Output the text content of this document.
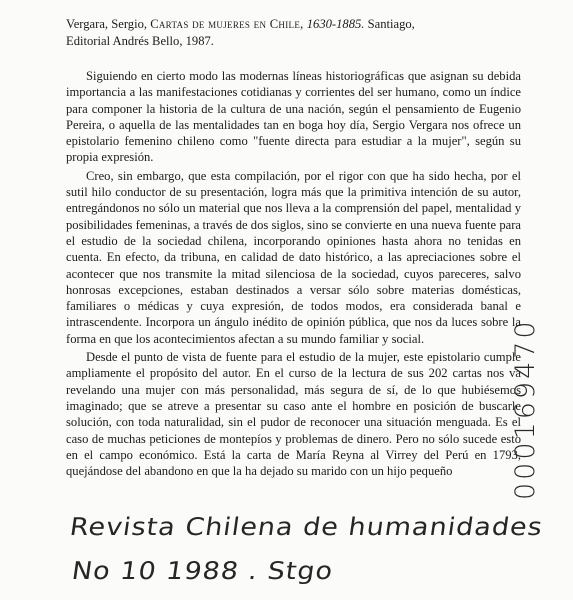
Vergara, Sergio, Cartas de mujeres en Chile, 1630-1885. Santiago,
Editorial Andrés Bello, 1987.

Siguiendo en cierto modo las modernas líneas historiográficas que asignan su debida importancia a las manifestaciones cotidianas y corrientes del ser humano, como un índice para componer la historia de la cultura de una nación, según el pensamiento de Eugenio Pereira, o aquella de las mentalidades tan en boga hoy día, Sergio Vergara nos ofrece un epistolario femenino chileno como "fuente directa para estudiar a la mujer", según su propia expresión.

Creo, sin embargo, que esta compilación, por el rigor con que ha sido hecha, por el sutil hilo conductor de su presentación, logra más que la primitiva intención de su autor, entregándonos no sólo un material que nos lleva a la comprensión del papel, mentalidad y posibilidades femeninas, a través de dos siglos, sino se convierte en una nueva fuente para el estudio de la sociedad chilena, incorporando opiniones hasta ahora no tenidas en cuenta. En efecto, da tribuna, en calidad de dato histórico, a las apreciaciones sobre el acontecer que nos transmite la mitad silenciosa de la sociedad, cuyos pareceres, salvo honrosas excepciones, estaban destinados a versar sólo sobre materias domésticas, familiares o médicas y cuya expresión, de todos modos, era considerada banal e intrascendente. Incorpora un ángulo inédito de opinión pública, que nos da luces sobre la forma en que los acontecimientos afectan a su mundo familiar y social.

Desde el punto de vista de fuente para el estudio de la mujer, este epistolario cumple ampliamente el propósito del autor. En el curso de la lectura de sus 202 cartas nos va revelando una mujer con más personalidad, más segura de sí, de lo que hubiésemos imaginado; que se atreve a presentar su caso ante el hombre en posición de buscarle solución, con toda naturalidad, sin el pudor de reconocer una situación menguada. Es el caso de muchas peticiones de montepíos y problemas de dinero. Pero no sólo sucede esto en el campo económico. Está la carta de María Reyna al Virrey del Perú en 1793, quejándose del abandono en que la ha dejado su marido con un hijo pequeño	000169470
Revista Chilena de humanidades
No 10 1988 . Stgo
